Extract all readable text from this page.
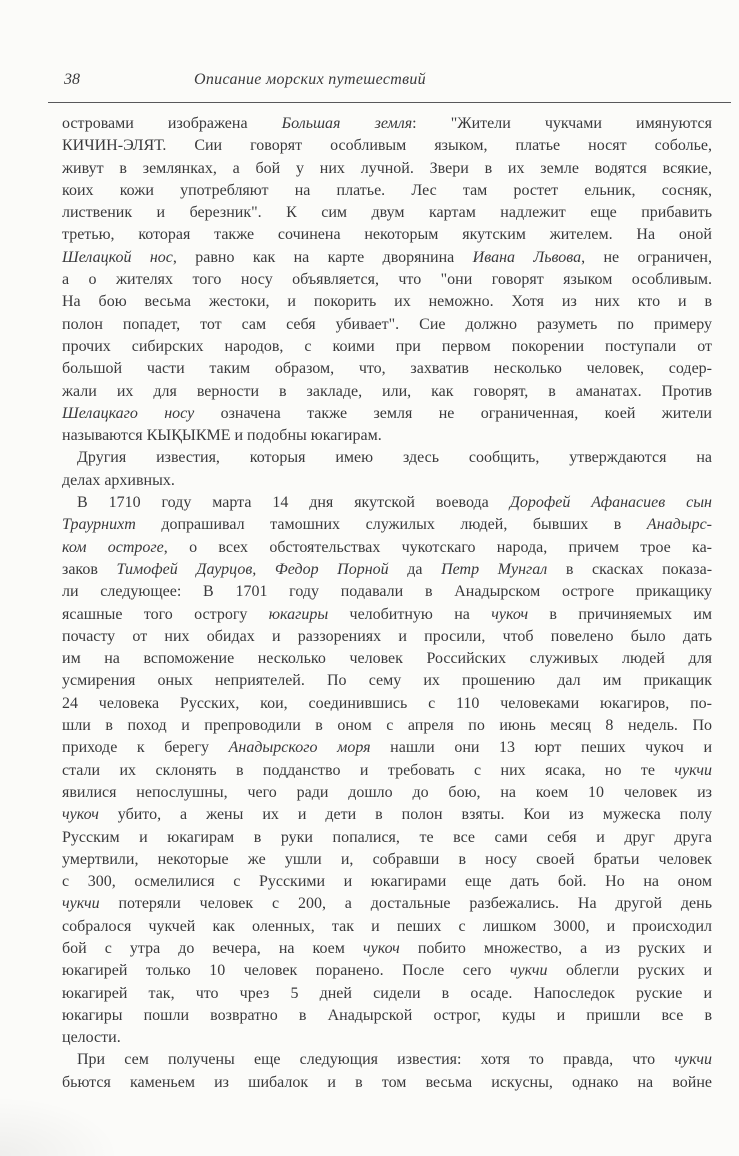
38	Описание морских путешествий
островами изображена Большая земля: "Жители чукчами имянуются
КИЧИН-ЭЛЯТ. Сии говорят особливым языком, платье носят соболье,
живут в землянках, а бой у них лучной. Звери в их земле водятся всякие,
коих кожи употребляют на платье. Лес там ростет ельник, сосняк,
лиственик и березник". К сим двум картам надлежит еще прибавить
третью, которая также сочинена некоторым якутским жителем. На оной
Шелацкой нос, равно как на карте дворянина Ивана Львова, не ограничен,
а о жителях того носу объявляется, что "они говорят языком особливым.
На бою весьма жестоки, и покорить их неможно. Хотя из них кто и в
полон попадет, тот сам себя убивает". Сие должно разуметь по примеру
прочих сибирских народов, с коими при первом покорении поступали от
большой части таким образом, что, захватив несколько человек, содер-
жали их для верности в закладе, или, как говорят, в аманатах. Против
Шелацкаго носу означена также земля не ограниченная, коей жители
называются КЫҚЫКМЕ и подобны юкагирам.
Другия известия, которыя имею здесь сообщить, утверждаются на
делах архивных.
В 1710 году марта 14 дня якутской воевода Дорофей Афанасиев сын
Траурнихт допрашивал тамошних служилых людей, бывших в Анадырс-
ком остроге, о всех обстоятельствах чукотскаго народа, причем трое ка-
заков Тимофей Даурцов, Федор Порной да Петр Мунгал в скасках показа-
ли следующее: В 1701 году подавали в Анадырском остроге прикащику
ясашные того острогу юкагиры челобитную на чукоч в причиняемых им
почасту от них обидах и раззорениях и просили, чтоб повелено было дать
им на вспоможение несколько человек Российских служивых людей для
усмирения оных неприятелей. По сему их прошению дал им прикащик
24 человека Русских, кои, соединившись с 110 человеками юкагиров, по-
шли в поход и препроводили в оном с апреля по июнь месяц 8 недель. По
приходе к берегу Анадырского моря нашли они 13 юрт пеших чукоч и
стали их склонять в подданство и требовать с них ясака, но те чукчи
явилися непослушны, чего ради дошло до бою, на коем 10 человек из
чукоч убито, а жены их и дети в полон взяты. Кои из мужеска полу
Русским и юкагирам в руки попалися, те все сами себя и друг друга
умертвили, некоторые же ушли и, собравши в носу своей братьи человек
с 300, осмелилися с Русскими и юкагирами еще дать бой. Но на оном
чукчи потеряли человек с 200, а достальные разбежались. На другой день
собралося чукчей как оленных, так и пеших с лишком 3000, и происходил
бой с утра до вечера, на коем чукоч побито множество, а из руских и
юкагирей только 10 человек поранено. После сего чукчи облегли руских и
юкагирей так, что чрез 5 дней сидели в осаде. Напоследок руские и
юкагиры пошли возвратно в Анадырской острог, куды и пришли все в
целости.
При сем получены еще следующия известия: хотя то правда, что чукчи
бьются каменьем из шибалок и в том весьма искусны, однако на войне
